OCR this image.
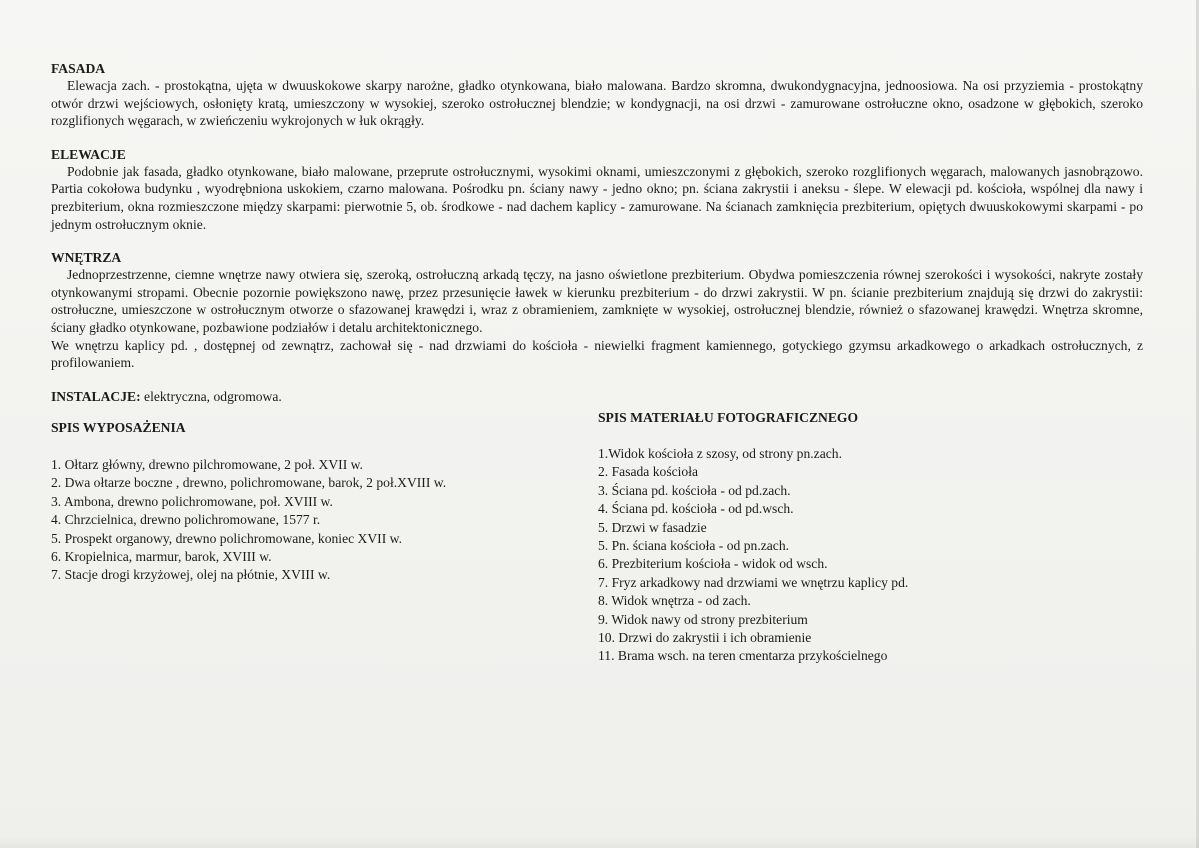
FASADA

Elewacja zach. - prostokątna, ujęta w dwuuskokowe skarpy narożne, gładko otynkowana, biało malowana. Bardzo skromna, dwukondygnacyjna, jednoosiowa. Na osi przyziemia - prostokątny otwór drzwi wejściowych, osłonięty kratą, umieszczony w wysokiej, szeroko ostrołucznej blendzie; w kondygnacji, na osi drzwi - zamurowane ostrołuczne okno, osadzone w głębokich, szeroko rozglifionych węgarach, w zwieńczeniu wykrojonych w łuk okrągły.

ELEWACJE

Podobnie jak fasada, gładko otynkowane, biało malowane, przeprute ostrołucznymi, wysokimi oknami, umieszczonymi z głębokich, szeroko rozglifionych węgarach, malowanych jasnobrązowo. Partia cokołowa budynku , wyodrębniona uskokiem, czarno malowana. Pośrodku pn. ściany nawy - jedno okno; pn. ściana zakrystii i aneksu - ślepe. W elewacji pd. kościoła, wspólnej dla nawy i prezbiterium, okna rozmieszczone między skarpami: pierwotnie 5, ob. środkowe - nad dachem kaplicy - zamurowane. Na ścianach zamknięcia prezbiterium, opiętych dwuuskokowymi skarpami - po jednym ostrołucznym oknie.

WNĘTRZA

Jednoprzestrzenne, ciemne wnętrze nawy otwiera się, szeroką, ostrołuczną arkadą tęczy, na jasno oświetlone prezbiterium. Obydwa pomieszczenia równej szerokości i wysokości, nakryte zostały otynkowanymi stropami. Obecnie pozornie powiększono nawę, przez przesunięcie ławek w kierunku prezbiterium - do drzwi zakrystii. W pn. ścianie prezbiterium znajdują się drzwi do zakrystii: ostrołuczne, umieszczone w ostrołucznym otworze o sfazowanej krawędzi i, wraz z obramieniem, zamknięte w wysokiej, ostrołucznej blendzie, również o sfazowanej krawędzi. Wnętrza skromne, ściany gładko otynkowane, pozbawione podziałów i detalu architektonicznego.

We wnętrzu kaplicy pd. , dostępnej od zewnątrz, zachował się - nad drzwiami do kościoła - niewielki fragment kamiennego, gotyckiego gzymsu arkadkowego o arkadkach ostrołucznych, z profilowaniem.

INSTALACJE: elektryczna, odgromowa.

SPIS WYPOSAŻENIA

1. Ołtarz główny, drewno pilchromowane, 2 poł. XVII w.
2. Dwa ołtarze boczne , drewno, polichromowane, barok, 2 poł.XVIII w.
3. Ambona, drewno polichromowane, poł. XVIII w.
4. Chrzcielnica, drewno polichromowane, 1577 r.
5. Prospekt organowy, drewno polichromowane, koniec XVII w.
6. Kropielnica, marmur, barok, XVIII w.
7. Stacje drogi krzyżowej, olej na płótnie, XVIII w.

SPIS MATERIAŁU FOTOGRAFICZNEGO

1.Widok kościoła z szosy, od strony pn.zach.
2. Fasada kościoła
3. Ściana pd. kościoła - od pd.zach.
4. Ściana pd. kościoła - od pd.wsch.
5. Drzwi w fasadzie
5. Pn. ściana kościoła - od pn.zach.
6. Prezbiterium kościoła - widok od wsch.
7. Fryz arkadkowy nad drzwiami we wnętrzu kaplicy pd.
8. Widok wnętrza - od zach.
9. Widok nawy od strony prezbiterium
10. Drzwi do zakrystii i ich obramienie
11. Brama wsch. na teren cmentarza przykościelnego
